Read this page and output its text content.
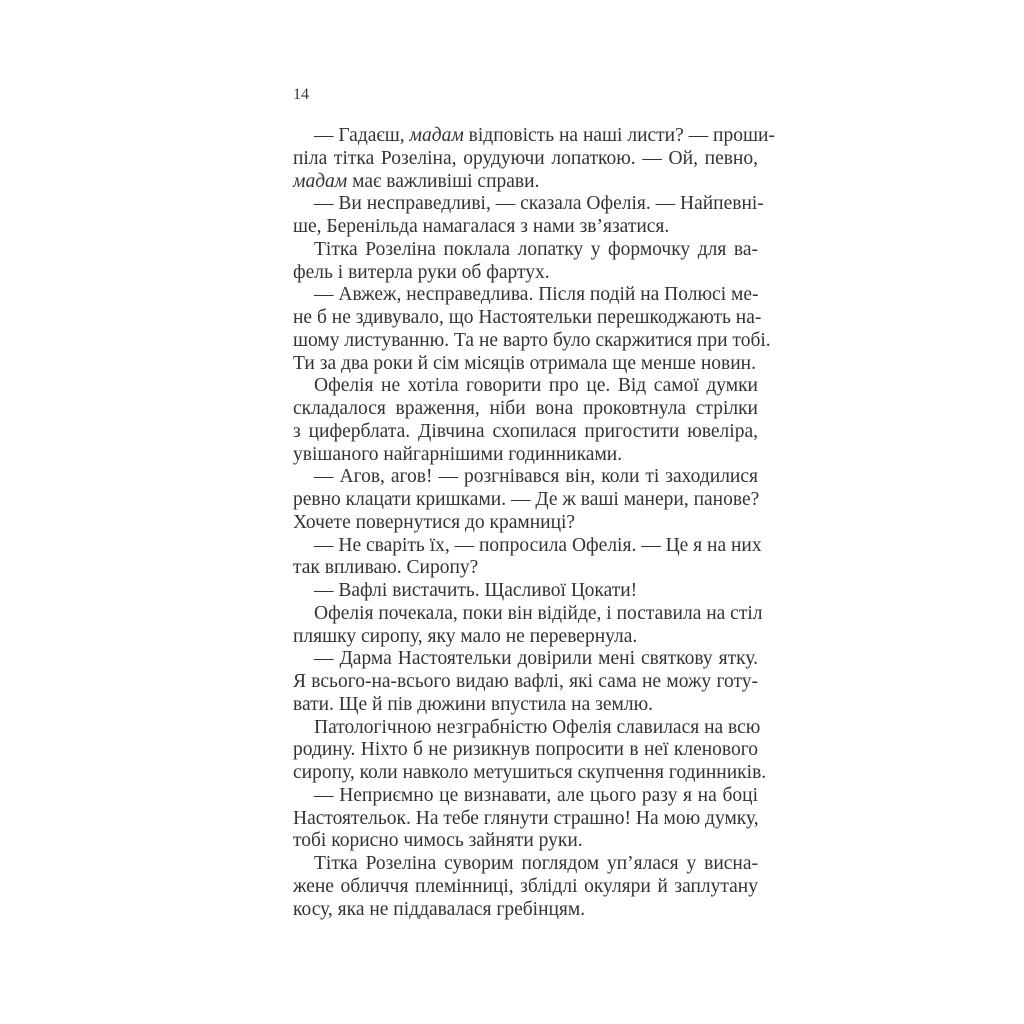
14
— Гадаєш, мадам відповість на наші листи? — проши-
піла тітка Розеліна, орудуючи лопаткою. — Ой, певно,
мадам має важливіші справи.
— Ви несправедливі, — сказала Офелія. — Найпевні-
ше, Беренільда намагалася з нами зв’язатися.
Тітка Розеліна поклала лопатку у формочку для ва-
фель і витерла руки об фартух.
— Авжеж, несправедлива. Після подій на Полюсі ме-
не б не здивувало, що Настоятельки перешкоджають на-
шому листуванню. Та не варто було скаржитися при тобі.
Ти за два роки й сім місяців отримала ще менше новин.
Офелія не хотіла говорити про це. Від самої думки
складалося враження, ніби вона проковтнула стрілки
з циферблата. Дівчина схопилася пригостити ювеліра,
увішаного найгарнішими годинниками.
— Агов, агов! — розгнівався він, коли ті заходилися
ревно клацати кришками. — Де ж ваші манери, панове?
Хочете повернутися до крамниці?
— Не сваріть їх, — попросила Офелія. — Це я на них
так впливаю. Сиропу?
— Вафлі вистачить. Щасливої Цокати!
Офелія почекала, поки він відійде, і поставила на стіл
пляшку сиропу, яку мало не перевернула.
— Дарма Настоятельки довірили мені святкову ятку.
Я всього-на-всього видаю вафлі, які сама не можу готу-
вати. Ще й пів дюжини впустила на землю.
Патологічною незграбністю Офелія славилася на всю
родину. Ніхто б не ризикнув попросити в неї кленового
сиропу, коли навколо метушиться скупчення годинників.
— Неприємно це визнавати, але цього разу я на боці
Настоятельок. На тебе глянути страшно! На мою думку,
тобі корисно чимось зайняти руки.
Тітка Розеліна суворим поглядом уп’ялася у висна-
жене обличчя племінниці, зблідлі окуляри й заплутану
косу, яка не піддавалася гребінцям.
